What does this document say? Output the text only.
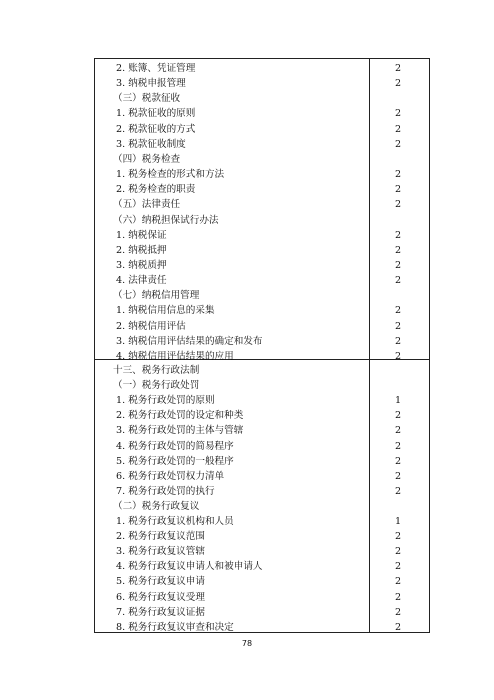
2. 账簿、凭证管理	2
3. 纳税申报管理	2
（三）税款征收
1. 税款征收的原则	2
2. 税款征收的方式	2
3. 税款征收制度	2
（四）税务检查
1. 税务检查的形式和方法	2
2. 税务检查的职责	2
（五）法律责任	2
（六）纳税担保试行办法
1. 纳税保证	2
2. 纳税抵押	2
3. 纳税质押	2
4. 法律责任	2
（七）纳税信用管理
1. 纳税信用信息的采集	2
2. 纳税信用评估	2
3. 纳税信用评估结果的确定和发布	2
4. 纳税信用评估结果的应用	2
十三、税务行政法制
（一）税务行政处罚
1. 税务行政处罚的原则	1
2. 税务行政处罚的设定和种类	2
3. 税务行政处罚的主体与管辖	2
4. 税务行政处罚的简易程序	2
5. 税务行政处罚的一般程序	2
6. 税务行政处罚权力清单	2
7. 税务行政处罚的执行	2
（二）税务行政复议
1. 税务行政复议机构和人员	1
2. 税务行政复议范围	2
3. 税务行政复议管辖	2
4. 税务行政复议申请人和被申请人	2
5. 税务行政复议申请	2
6. 税务行政复议受理	2
7. 税务行政复议证据	2
8. 税务行政复议审查和决定	2
78
